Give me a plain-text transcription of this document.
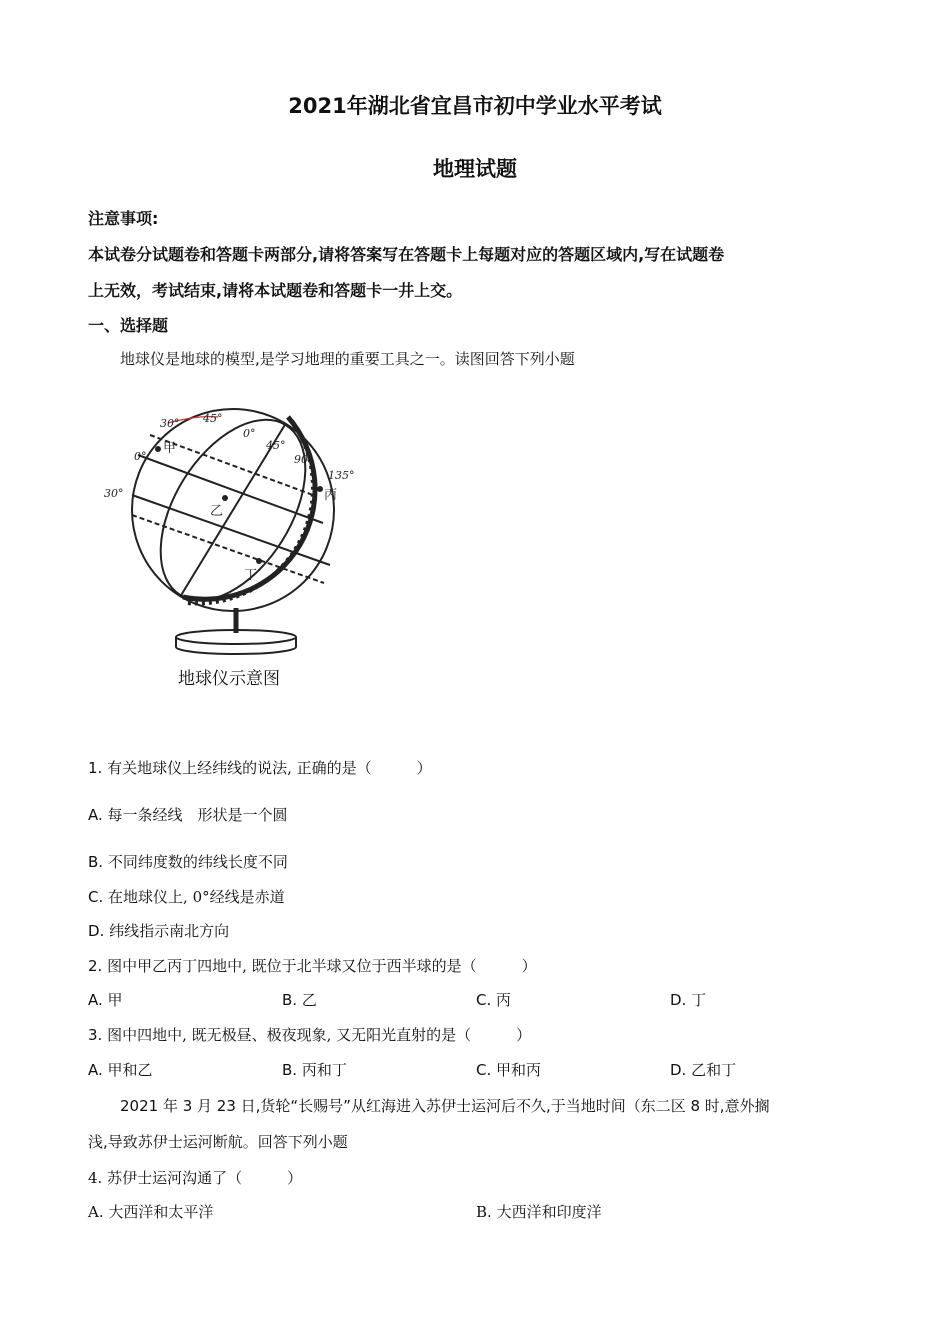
2021年湖北省宜昌市初中学业水平考试
地理试题
注意事项:
本试卷分试题卷和答题卡两部分,请将答案写在答题卡上每题对应的答题区域内,写在试题卷
上无效，考试结束,请将本试题卷和答题卡一井上交。
一、选择题
地球仪是地球的模型,是学习地理的重要工具之一。读图回答下列小题
30° 45°
0°
45°
90°
135°
0°
30°
甲
乙
丙
丁
地球仪示意图
1. 有关地球仪上经纬线的说法, 正确的是（　　　）
A. 每一条经线　形状是一个圆
B. 不同纬度数的纬线长度不同
C. 在地球仪上, 0°经线是赤道
D. 纬线指示南北方向
2. 图中甲乙丙丁四地中, 既位于北半球又位于西半球的是（　　　）
A. 甲	B. 乙	C. 丙	D. 丁
3. 图中四地中, 既无极昼、极夜现象, 又无阳光直射的是（　　　）
A. 甲和乙	B. 丙和丁	C. 甲和丙	D. 乙和丁
2021 年 3 月 23 日,货轮“长赐号”从红海进入苏伊士运河后不久,于当地时间（东二区 8 时,意外搁
浅,导致苏伊士运河断航。回答下列小题
4. 苏伊士运河沟通了（　　　）
A. 大西洋和太平洋	B. 大西洋和印度洋
